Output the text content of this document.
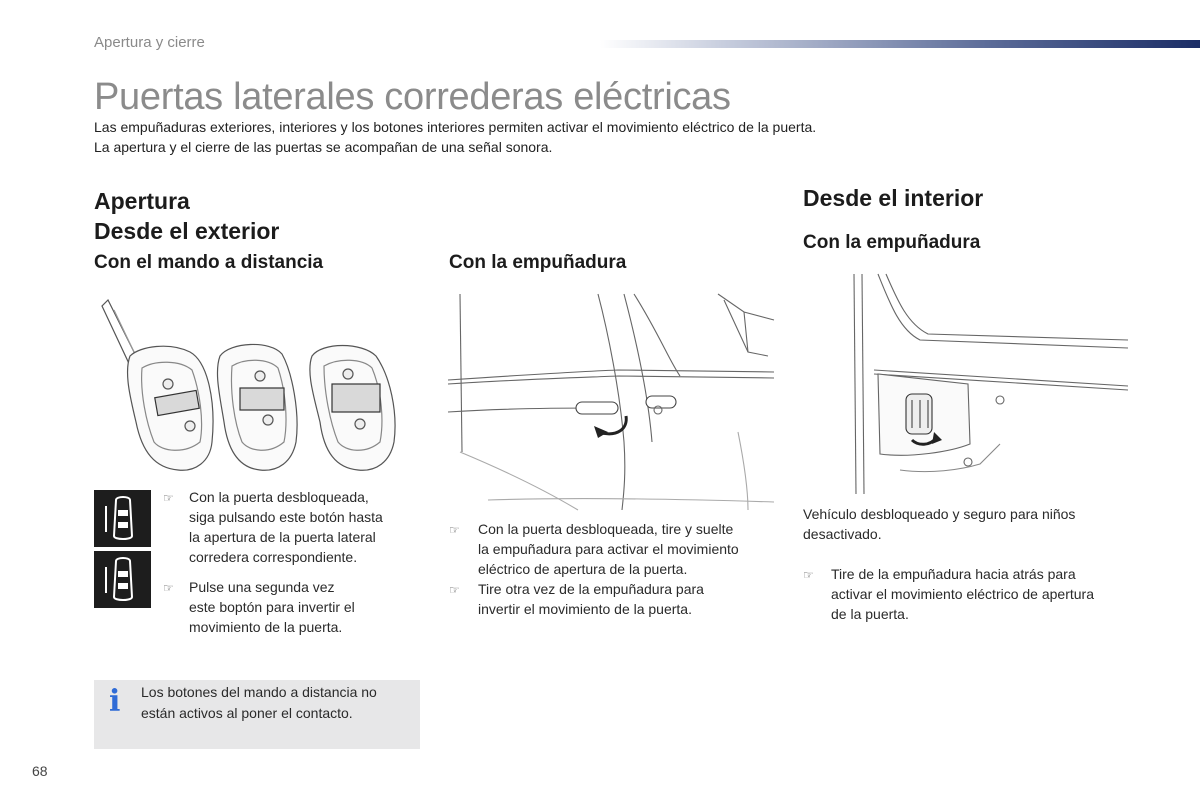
Apertura y cierre
Puertas laterales correderas eléctricas
Las empuñaduras exteriores, interiores y los botones interiores permiten activar el movimiento eléctrico de la puerta.
La apertura y el cierre de las puertas se acompañan de una señal sonora.
Apertura
Desde el exterior
Con el mando a distancia
☞	Con la puerta desbloqueada,
siga pulsando este botón hasta
la apertura de la puerta lateral
corredera correspondiente.
☞	Pulse una segunda vez
este boptón para invertir el
movimiento de la puerta.
i Los botones del mando a distancia no
están activos al poner el contacto.
Con la empuñadura
☞	Con la puerta desbloqueada, tire y suelte
la empuñadura para activar el movimiento
eléctrico de apertura de la puerta.
☞	Tire otra vez de la empuñadura para
invertir el movimiento de la puerta.
Desde el interior
Con la empuñadura
Vehículo desbloqueado y seguro para niños
desactivado.
☞	Tire de la empuñadura hacia atrás para
activar el movimiento eléctrico de apertura
de la puerta.
68
